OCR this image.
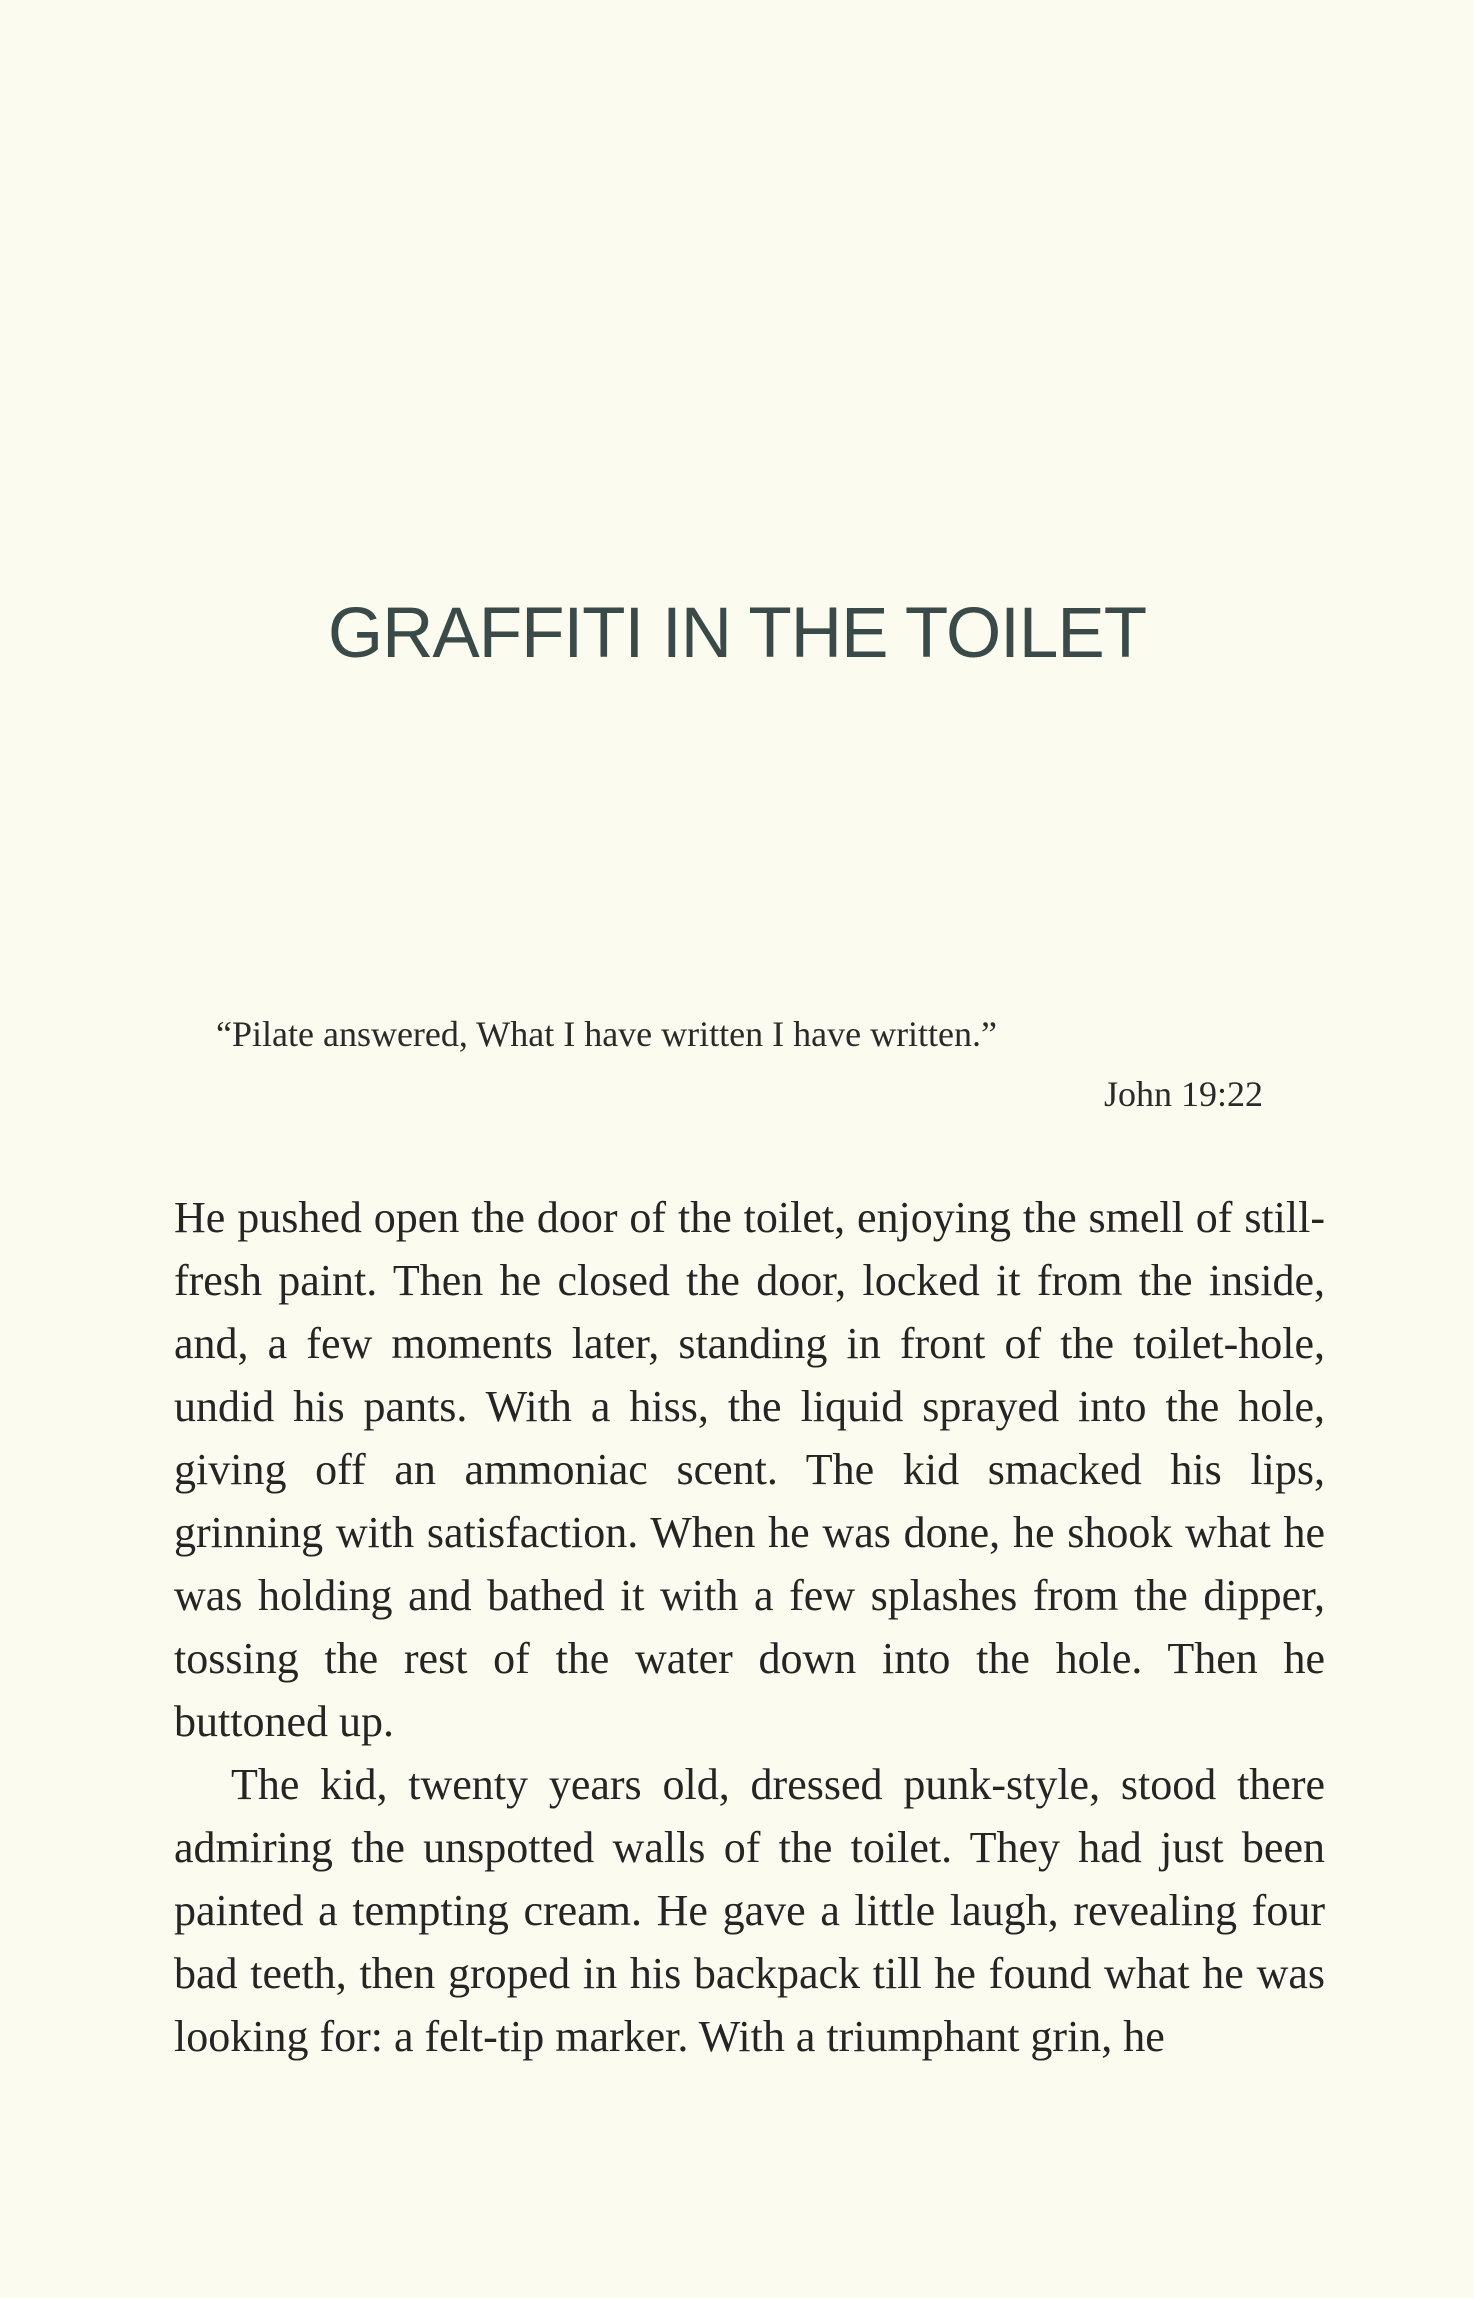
GRAFFITI IN THE TOILET

“Pilate answered, What I have written I have written.”

John 19:22

He pushed open the door of the toilet, enjoying the smell of still-fresh paint. Then he closed the door, locked it from the inside, and, a few moments later, standing in front of the toilet-hole, undid his pants. With a hiss, the liquid sprayed into the hole, giving off an ammoniac scent. The kid smacked his lips, grinning with satisfaction. When he was done, he shook what he was holding and bathed it with a few splashes from the dipper, tossing the rest of the water down into the hole. Then he buttoned up.

The kid, twenty years old, dressed punk-style, stood there admiring the unspotted walls of the toilet. They had just been painted a tempting cream. He gave a little laugh, revealing four bad teeth, then groped in his backpack till he found what he was looking for: a felt-tip marker. With a triumphant grin, he
